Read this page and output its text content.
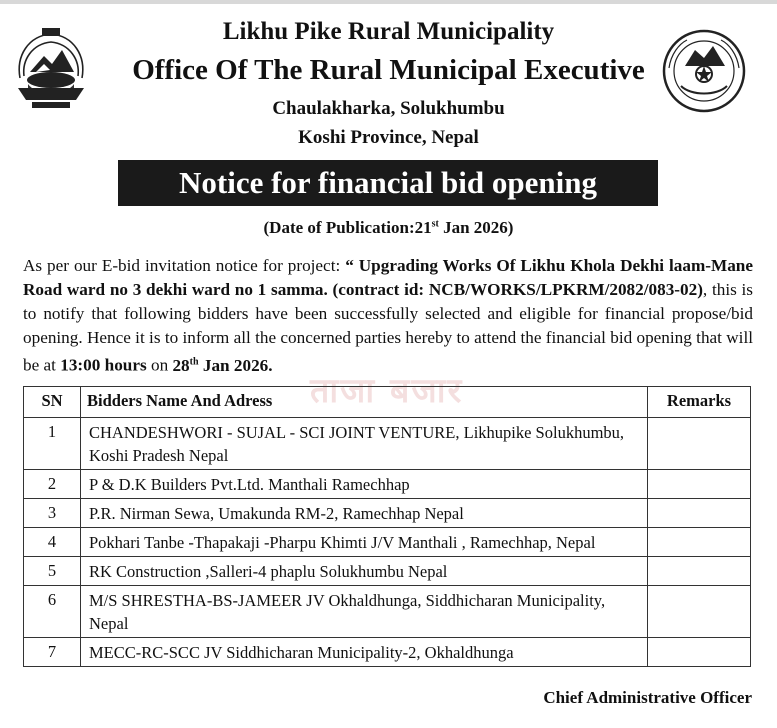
Likhu Pike Rural Municipality
Office Of The Rural Municipal Executive
Chaulakharka, Solukhumbu
Koshi Province, Nepal
Notice for financial bid opening
(Date of Publication:21st Jan 2026)
As per our E-bid invitation notice for project: “ Upgrading Works Of Likhu Khola Dekhi laam-Mane Road ward no 3 dekhi ward no 1 samma. (contract id: NCB/WORKS/LPKRM/2082/083-02), this is to notify that following bidders have been successfully selected and eligible for financial propose/bid opening. Hence it is to inform all the concerned parties hereby to attend the financial bid opening that will be at 13:00 hours on 28th Jan 2026.
ताजा बजार
SN	Bidders Name And Adress	Remarks
1	CHANDESHWORI - SUJAL - SCI JOINT VENTURE, Likhupike Solukhumbu, Koshi Pradesh Nepal	
2	P & D.K Builders Pvt.Ltd. Manthali Ramechhap	
3	P.R. Nirman Sewa, Umakunda RM-2, Ramechhap Nepal	
4	Pokhari Tanbe -Thapakaji -Pharpu Khimti J/V Manthali , Ramechhap, Nepal	
5	RK Construction ,Salleri-4 phaplu Solukhumbu Nepal	
6	M/S SHRESTHA-BS-JAMEER JV Okhaldhunga, Siddhicharan Municipality, Nepal	
7	MECC-RC-SCC JV Siddhicharan Municipality-2, Okhaldhunga	
Chief Administrative Officer
